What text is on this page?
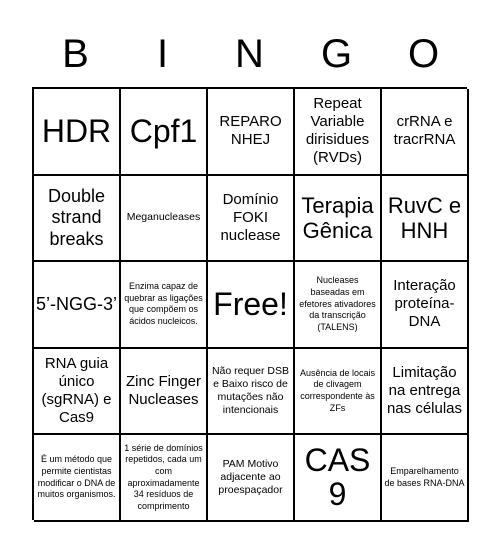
B	I	N	G	O
HDR Cpf1	REPARO NHEJ
Repeat Variable dirisidues (RVDs)
crRNA e tracrRNA
Double strand breaks
Meganucleases
Domínio FOKI nuclease
Terapia Gênica
RuvC e HNH
5’-NGG-3’
Enzima capaz de quebrar as ligações que compõem os ácidos nucleicos. Free!
Nucleases baseadas em efetores ativadores da transcrição (TALENS)
Interação proteína-DNA
RNA guia único (sgRNA) e Cas9
Zinc Finger Nucleases
Não requer DSB e Baixo risco de mutações não intencionais
Ausência de locais de clivagem correspondente às ZFs
Limitação na entrega nas células
É um método que permite cientistas modificar o DNA de muitos organismos.
1 série de domínios repetidos, cada um com aproximadamente 34 resíduos de comprimento
PAM Motivo adjacente ao proespaçador
CAS9
Emparelhamento de bases RNA-DNA
